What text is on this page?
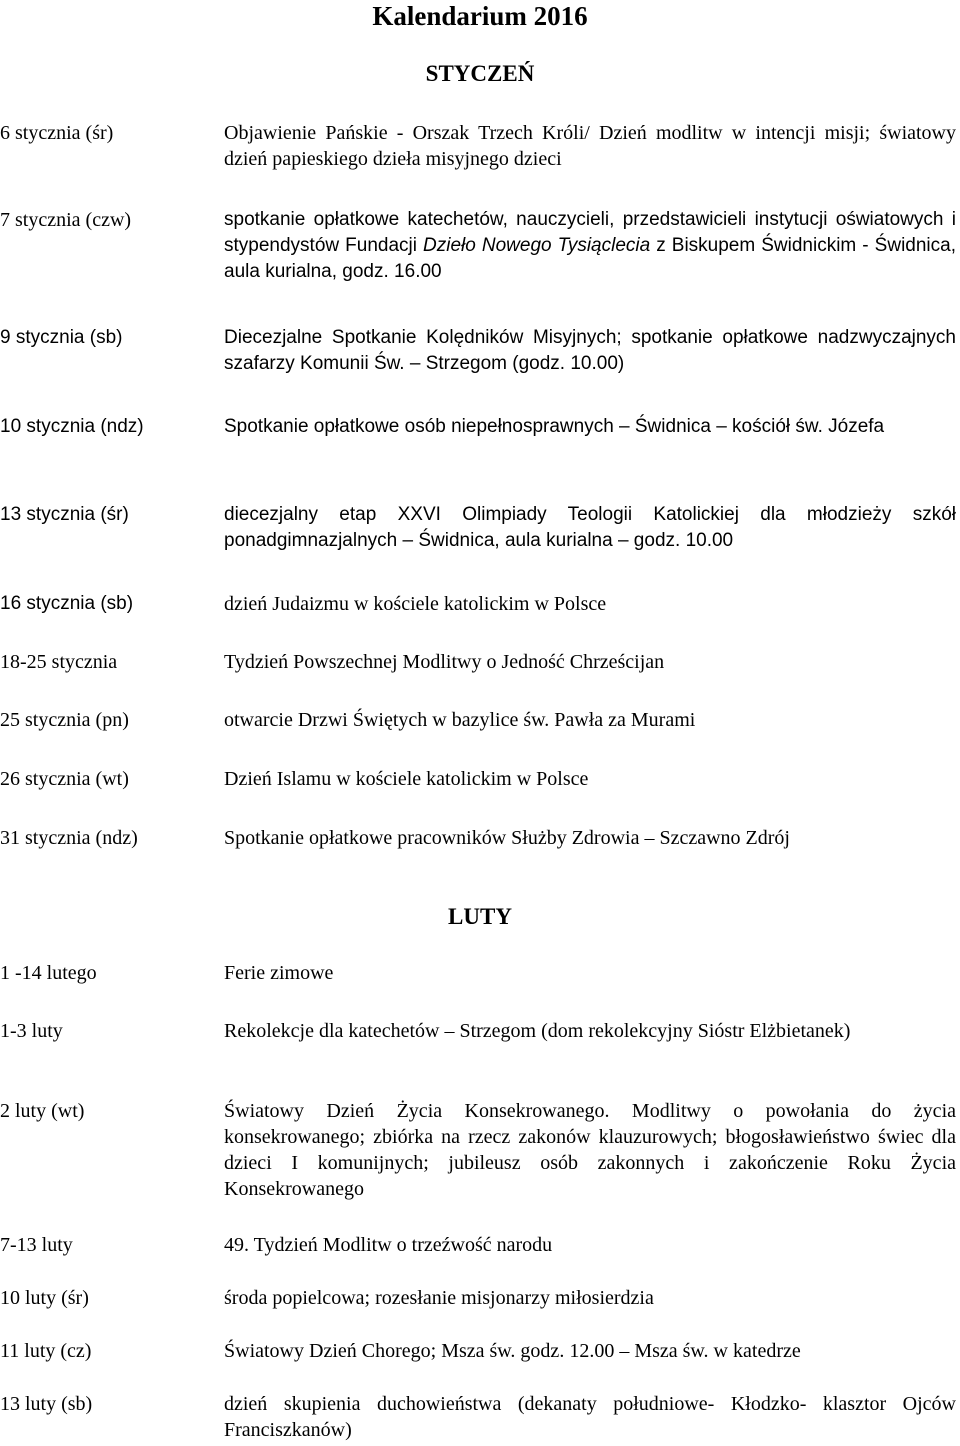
Kalendarium 2016
STYCZEŃ
6 stycznia (śr)	Objawienie Pańskie - Orszak Trzech Króli/ Dzień modlitw w intencji misji; światowy dzień papieskiego dzieła misyjnego dzieci
7 stycznia (czw)	spotkanie opłatkowe katechetów, nauczycieli, przedstawicieli instytucji oświatowych i stypendystów Fundacji Dzieło Nowego Tysiąclecia z Biskupem Świdnickim - Świdnica, aula kurialna, godz. 16.00
9 stycznia (sb)	Diecezjalne Spotkanie Kolędników Misyjnych; spotkanie opłatkowe nadzwyczajnych szafarzy Komunii Św. – Strzegom (godz. 10.00)
10 stycznia (ndz)	Spotkanie opłatkowe osób niepełnosprawnych – Świdnica – kościół św. Józefa
13 stycznia (śr)	diecezjalny etap XXVI Olimpiady Teologii Katolickiej dla młodzieży szkół ponadgimnazjalnych – Świdnica, aula kurialna – godz. 10.00
16 stycznia (sb)	dzień Judaizmu w kościele katolickim w Polsce
18-25 stycznia	Tydzień Powszechnej Modlitwy o Jedność Chrześcijan
25 stycznia (pn)	otwarcie Drzwi Świętych w bazylice św. Pawła za Murami
26 stycznia (wt)	Dzień Islamu w kościele katolickim w Polsce
31 stycznia (ndz)	Spotkanie opłatkowe pracowników Służby Zdrowia – Szczawno Zdrój
LUTY
1 -14 lutego	Ferie zimowe
1-3 luty	Rekolekcje dla katechetów – Strzegom (dom rekolekcyjny Sióstr Elżbietanek)
2 luty (wt)	Światowy Dzień Życia Konsekrowanego. Modlitwy o powołania do życia konsekrowanego; zbiórka na rzecz zakonów klauzurowych; błogosławieństwo świec dla dzieci I komunijnych; jubileusz osób zakonnych i zakończenie Roku Życia Konsekrowanego
7-13 luty	49. Tydzień Modlitw o trzeźwość narodu
10 luty (śr)	środa popielcowa; rozesłanie misjonarzy miłosierdzia
11 luty (cz)	Światowy Dzień Chorego; Msza św. godz. 12.00 – Msza św. w katedrze
13 luty (sb)	dzień skupienia duchowieństwa (dekanaty południowe- Kłodzko- klasztor Ojców Franciszkanów)
